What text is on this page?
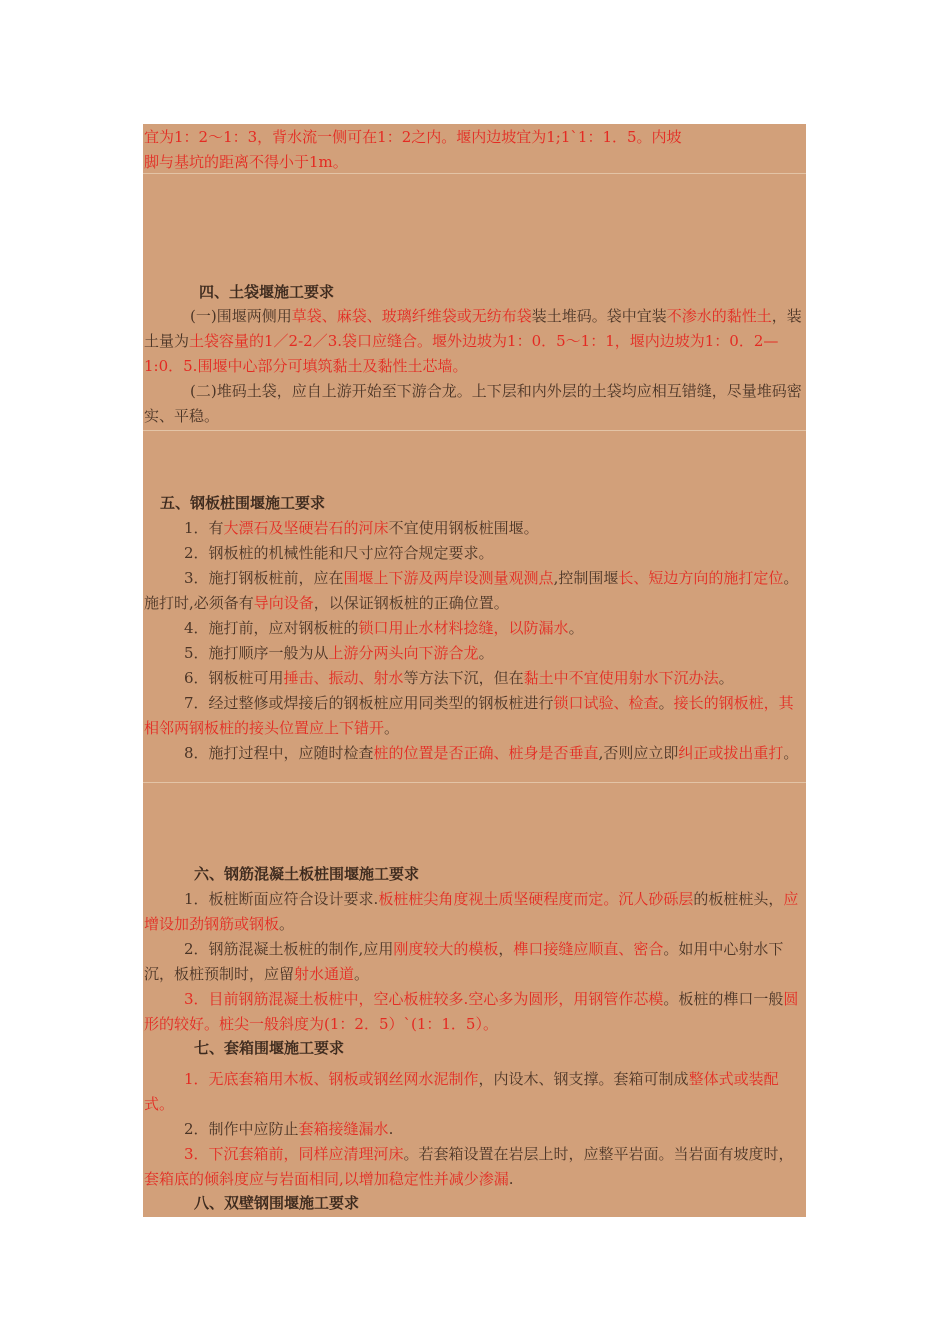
宜为1：2～1：3，背水流一侧可在1：2之内。堰内边坡宜为1;1`1：1．5。内坡

脚与基坑的距离不得小于1m。

四、土袋堰施工要求

(一)围堰两侧用草袋、麻袋、玻璃纤维袋或无纺布袋装土堆码。袋中宜装不渗水的黏性土，装土量为土袋容量的1／2-2／3.袋口应缝合。堰外边坡为1：0．5～1：1，堰内边坡为1：0．2—1:0．5.围堰中心部分可填筑黏土及黏性土芯墙。

(二)堆码土袋，应自上游开始至下游合龙。上下层和内外层的土袋均应相互错缝，尽量堆码密实、平稳。

五、钢板桩围堰施工要求

1．有大漂石及坚硬岩石的河床不宜使用钢板桩围堰。

2．钢板桩的机械性能和尺寸应符合规定要求。

3．施打钢板桩前，应在围堰上下游及两岸设测量观测点,控制围堰长、短边方向的施打定位。施打时,必须备有导向设备，以保证钢板桩的正确位置。

4．施打前，应对钢板桩的锁口用止水材料捻缝，以防漏水。

5．施打顺序一般为从上游分两头向下游合龙。

6．钢板桩可用捶击、振动、射水等方法下沉，但在黏土中不宜使用射水下沉办法。

7．经过整修或焊接后的钢板桩应用同类型的钢板桩进行锁口试验、检查。接长的钢板桩，其相邻两钢板桩的接头位置应上下错开。

8．施打过程中，应随时检查桩的位置是否正确、桩身是否垂直,否则应立即纠正或拔出重打。

六、钢筋混凝土板桩围堰施工要求

1．板桩断面应符合设计要求.板桩桩尖角度视土质坚硬程度而定。沉人砂砾层的板桩桩头，应增设加劲钢筋或钢板。

2．钢筋混凝土板桩的制作,应用刚度较大的模板，榫口接缝应顺直、密合。如用中心射水下沉，板桩预制时，应留射水通道。

3．目前钢筋混凝土板桩中，空心板桩较多.空心多为圆形，用钢管作芯模。板桩的榫口一般圆形的较好。桩尖一般斜度为(1：2．5）`(1：1．5）。

七、套箱围堰施工要求

1．无底套箱用木板、钢板或钢丝网水泥制作，内设木、钢支撑。套箱可制成整体式或装配式。

2．制作中应防止套箱接缝漏水.

3．下沉套箱前，同样应清理河床。若套箱设置在岩层上时，应整平岩面。当岩面有坡度时，套箱底的倾斜度应与岩面相同,以增加稳定性并减少渗漏.

八、双壁钢围堰施工要求
